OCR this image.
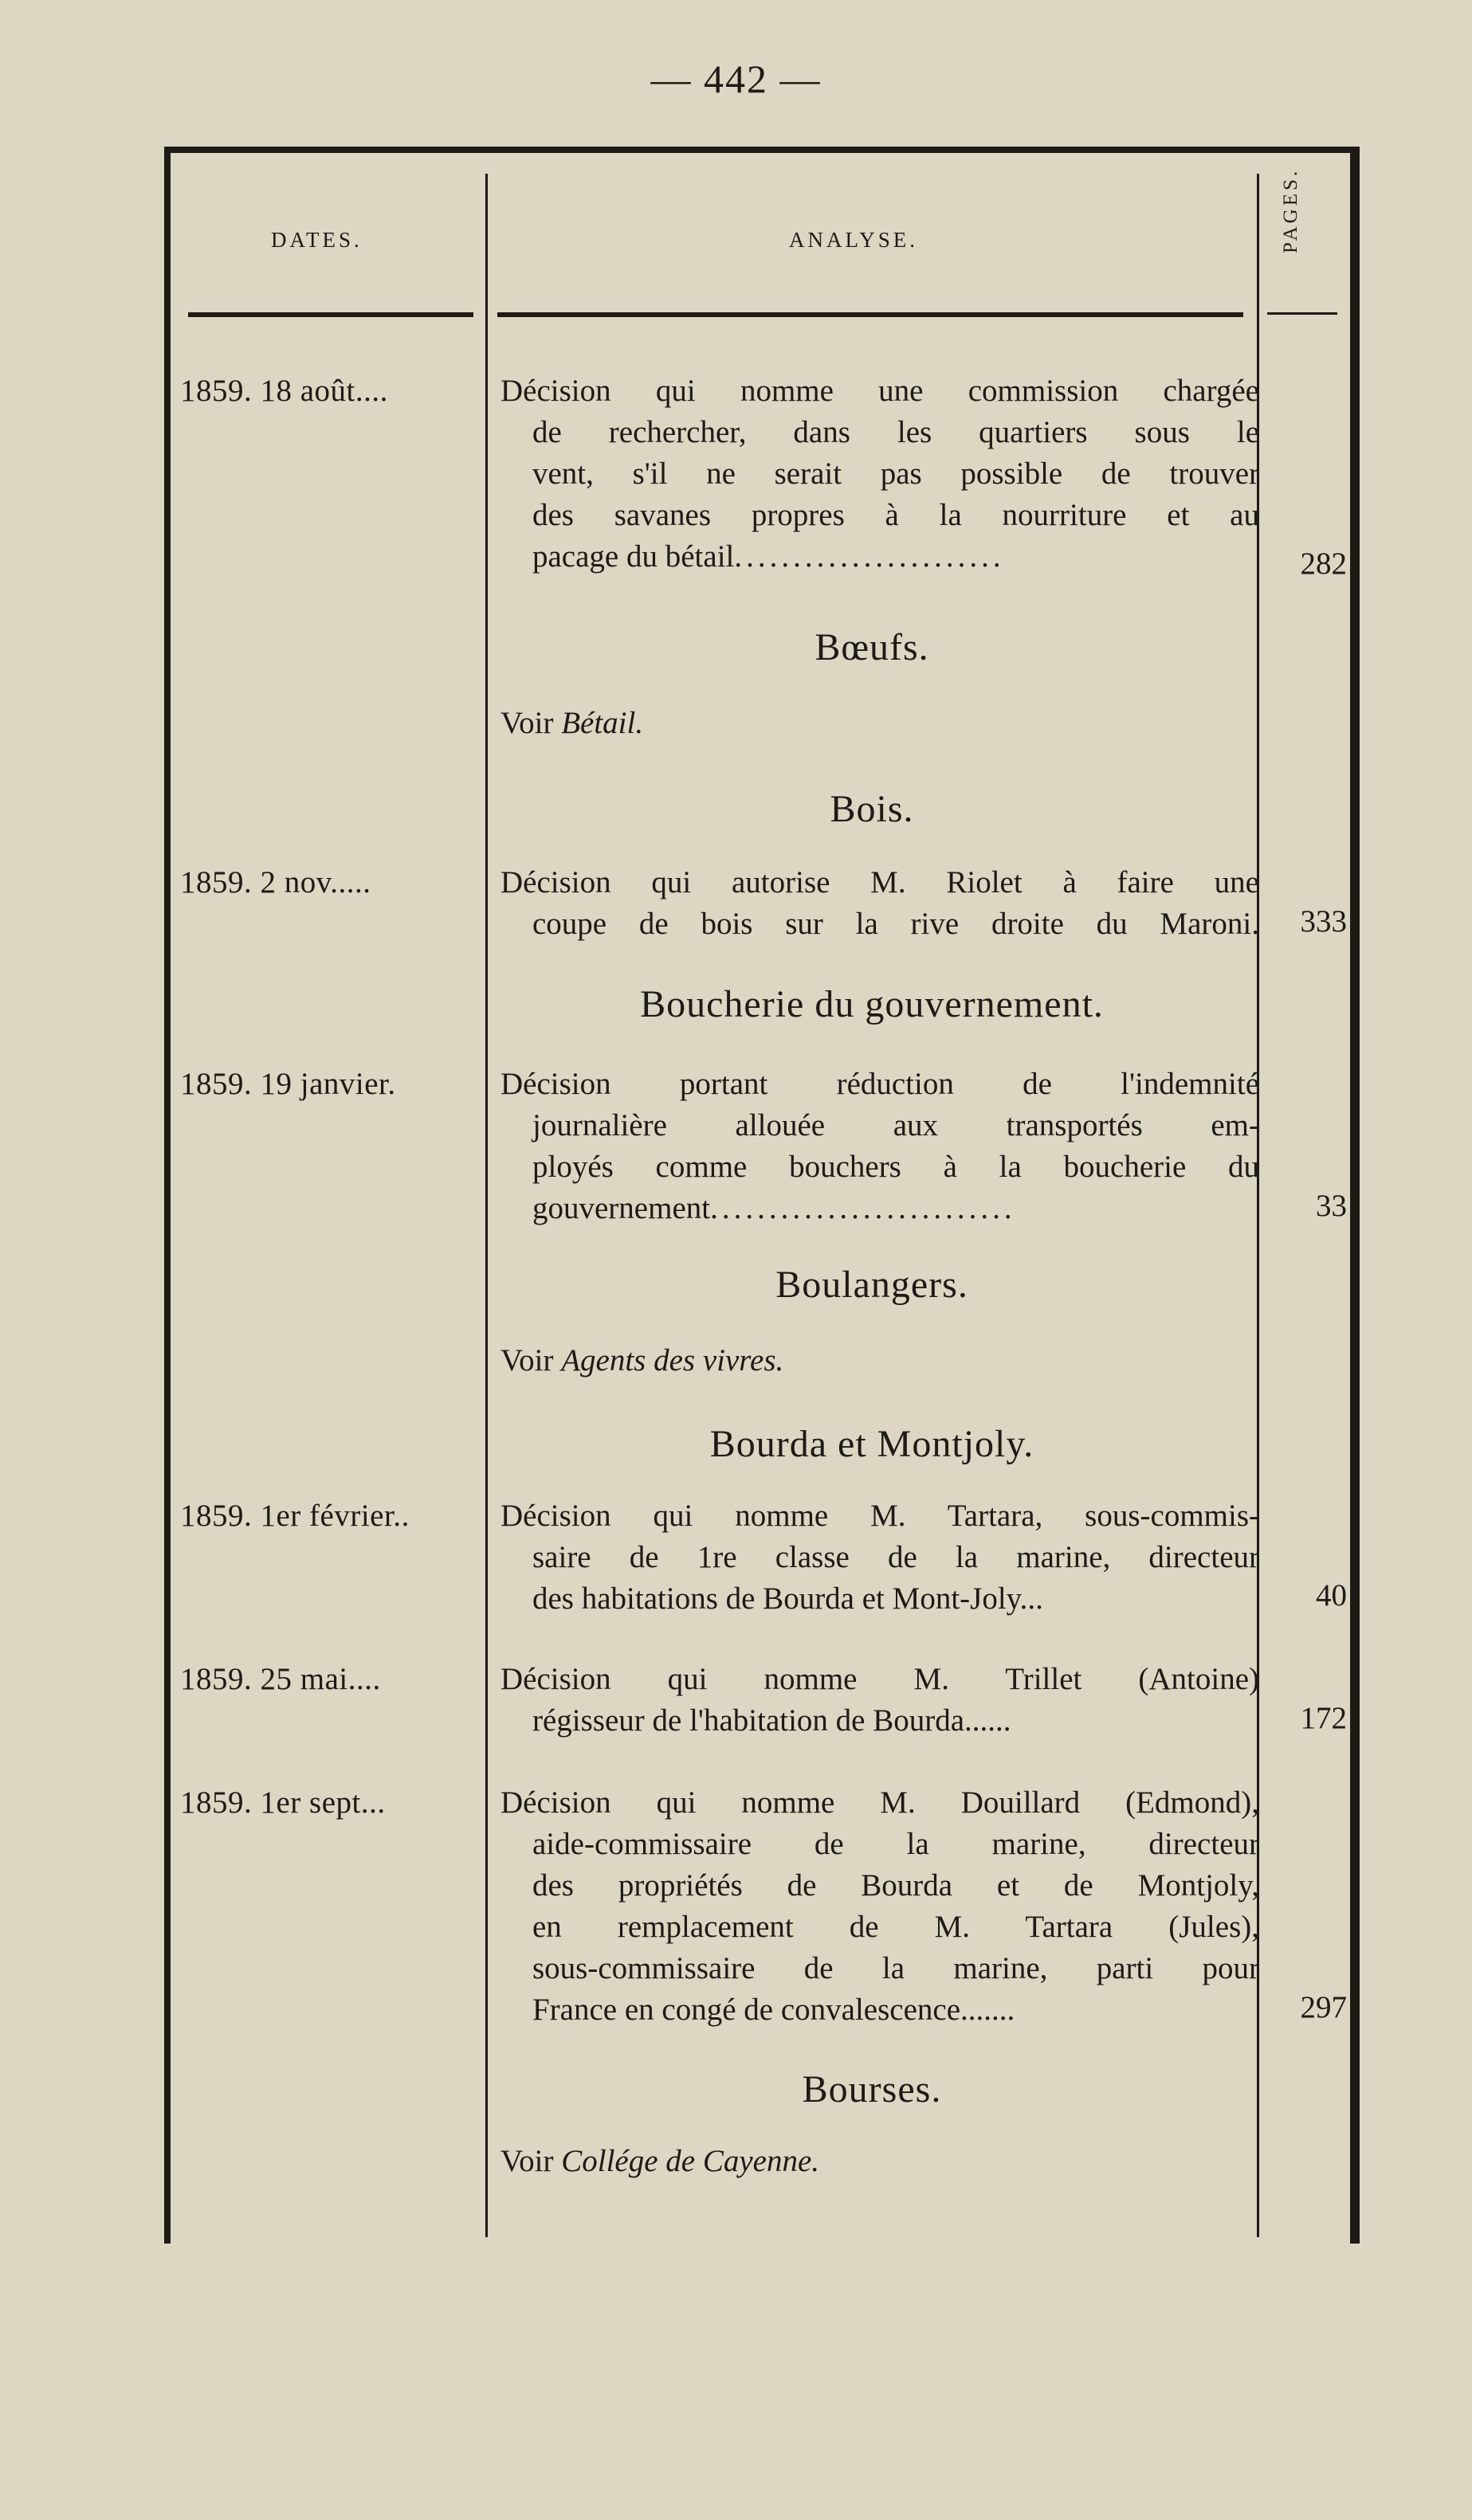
— 442 —
DATES.	ANALYSE.	PAGES.
1859. 18 août....	Décision qui nomme une commission chargée
de rechercher, dans les quartiers sous le
vent, s'il ne serait pas possible de trouver
des savanes propres à la nourriture et au
pacage du bétail.......................	282
Bœufs.
Voir Bétail.
Bois.
1859. 2 nov.....	Décision qui autorise M. Riolet à faire une
coupe de bois sur la rive droite du Maroni.	333
Boucherie du gouvernement.
1859. 19 janvier.	Décision portant réduction de l'indemnité
journalière allouée aux transportés em-
ployés comme bouchers à la boucherie du
gouvernement..........................	33
Boulangers.
Voir Agents des vivres.
Bourda et Montjoly.
1859. 1er février..	Décision qui nomme M. Tartara, sous-commis-
saire de 1re classe de la marine, directeur
des habitations de Bourda et Mont-Joly...	40
1859. 25 mai....	Décision qui nomme M. Trillet (Antoine)
régisseur de l'habitation de Bourda......	172
1859. 1er sept...	Décision qui nomme M. Douillard (Edmond),
aide-commissaire de la marine, directeur
des propriétés de Bourda et de Montjoly,
en remplacement de M. Tartara (Jules),
sous-commissaire de la marine, parti pour
France en congé de convalescence.......	297
Bourses.
Voir Collége de Cayenne.
